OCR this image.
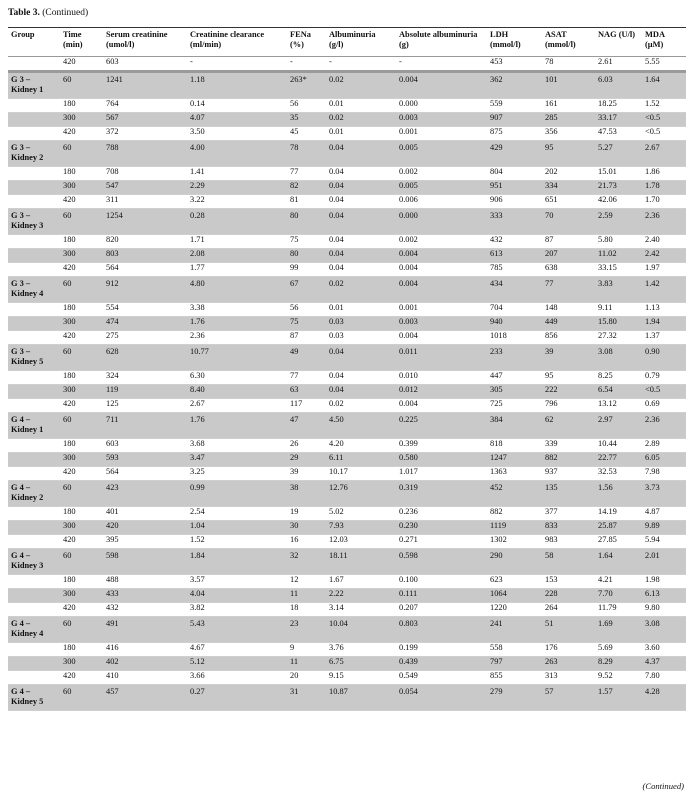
Table 3. (Continued)
Group	Time (min)	Serum creatinine (umol/l)	Creatinine clearance (ml/min)	FENa (%)	Albuminuria (g/l)	Absolute albuminuria (g)	LDH (mmol/l)	ASAT (mmol/l)	NAG (U/l)	MDA (µM)
	420	603	-	-	-	-	453	78	2.61	5.55
G 3 – Kidney 1	60	1241	1.18	263*	0.02	0.004	362	101	6.03	1.64
	180	764	0.14	56	0.01	0.000	559	161	18.25	1.52
	300	567	4.07	35	0.02	0.003	907	285	33.17	<0.5
	420	372	3.50	45	0.01	0.001	875	356	47.53	<0.5
G 3 – Kidney 2	60	788	4.00	78	0.04	0.005	429	95	5.27	2.67
	180	708	1.41	77	0.04	0.002	804	202	15.01	1.86
	300	547	2.29	82	0.04	0.005	951	334	21.73	1.78
	420	311	3.22	81	0.04	0.006	906	651	42.06	1.70
G 3 – Kidney 3	60	1254	0.28	80	0.04	0.000	333	70	2.59	2.36
	180	820	1.71	75	0.04	0.002	432	87	5.80	2.40
	300	803	2.08	80	0.04	0.004	613	207	11.02	2.42
	420	564	1.77	99	0.04	0.004	785	638	33.15	1.97
G 3 – Kidney 4	60	912	4.80	67	0.02	0.004	434	77	3.83	1.42
	180	554	3.38	56	0.01	0.001	704	148	9.11	1.13
	300	474	1.76	75	0.03	0.003	940	449	15.80	1.94
	420	275	2.36	87	0.03	0.004	1018	856	27.32	1.37
G 3 – Kidney 5	60	628	10.77	49	0.04	0.011	233	39	3.08	0.90
	180	324	6.30	77	0.04	0.010	447	95	8.25	0.79
	300	119	8.40	63	0.04	0.012	305	222	6.54	<0.5
	420	125	2.67	117	0.02	0.004	725	796	13.12	0.69
G 4 – Kidney 1	60	711	1.76	47	4.50	0.225	384	62	2.97	2.36
	180	603	3.68	26	4.20	0.399	818	339	10.44	2.89
	300	593	3.47	29	6.11	0.580	1247	882	22.77	6.05
	420	564	3.25	39	10.17	1.017	1363	937	32.53	7.98
G 4 – Kidney 2	60	423	0.99	38	12.76	0.319	452	135	1.56	3.73
	180	401	2.54	19	5.02	0.236	882	377	14.19	4.87
	300	420	1.04	30	7.93	0.230	1119	833	25.87	9.89
	420	395	1.52	16	12.03	0.271	1302	983	27.85	5.94
G 4 – Kidney 3	60	598	1.84	32	18.11	0.598	290	58	1.64	2.01
	180	488	3.57	12	1.67	0.100	623	153	4.21	1.98
	300	433	4.04	11	2.22	0.111	1064	228	7.70	6.13
	420	432	3.82	18	3.14	0.207	1220	264	11.79	9.80
G 4 – Kidney 4	60	491	5.43	23	10.04	0.803	241	51	1.69	3.08
	180	416	4.67	9	3.76	0.199	558	176	5.69	3.60
	300	402	5.12	11	6.75	0.439	797	263	8.29	4.37
	420	410	3.66	20	9.15	0.549	855	313	9.52	7.80
G 4 – Kidney 5	60	457	0.27	31	10.87	0.054	279	57	1.57	4.28
(Continued)
